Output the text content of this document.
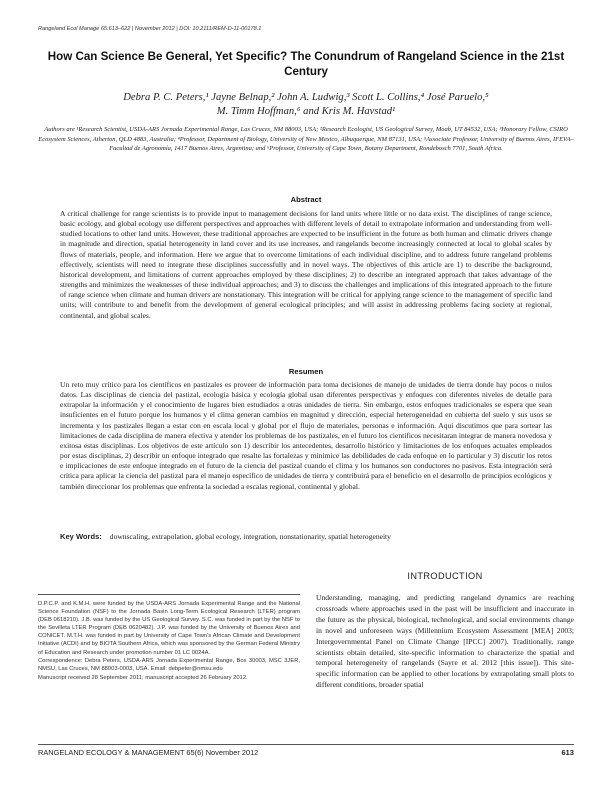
Rangeland Ecol Manage 65:613–622 | November 2012 | DOI: 10.2111/REM-D-11-00178.1
How Can Science Be General, Yet Specific? The Conundrum of Rangeland Science in the 21st Century
Debra P. C. Peters,¹ Jayne Belnap,² John A. Ludwig,³ Scott L. Collins,⁴ José Paruelo,⁵
M. Timm Hoffman,⁶ and Kris M. Havstad¹
Authors are ¹Research Scientist, USDA-ARS Jornada Experimental Range, Las Cruces, NM 88003, USA; ²Research Ecologist, US Geological Survey, Moab, UT 84532, USA; ³Honorary Fellow, CSIRO Ecosystem Sciences, Atherton, QLD 4883, Australia; ⁴Professor, Department of Biology, University of New Mexico, Albuquerque, NM 87131, USA; ⁵Associate Professor, University of Buenos Aires, IFEVA–Facultad de Agronomía, 1417 Buenos Aires, Argentina; and ⁶Professor, University of Cape Town, Botany Department, Rondebosch 7701, South Africa.
Abstract

A critical challenge for range scientists is to provide input to management decisions for land units where little or no data exist. The disciplines of range science, basic ecology, and global ecology use different perspectives and approaches with different levels of detail to extrapolate information and understanding from well-studied locations to other land units. However, these traditional approaches are expected to be insufficient in the future as both human and climatic drivers change in magnitude and direction, spatial heterogeneity in land cover and its use increases, and rangelands become increasingly connected at local to global scales by flows of materials, people, and information. Here we argue that to overcome limitations of each individual discipline, and to address future rangeland problems effectively, scientists will need to integrate these disciplines successfully and in novel ways. The objectives of this article are 1) to describe the background, historical development, and limitations of current approaches employed by these disciplines; 2) to describe an integrated approach that takes advantage of the strengths and minimizes the weaknesses of these individual approaches; and 3) to discuss the challenges and implications of this integrated approach to the future of range science when climate and human drivers are nonstationary. This integration will be critical for applying range science to the management of specific land units; will contribute to and benefit from the development of general ecological principles; and will assist in addressing problems facing society at regional, continental, and global scales.

Resumen

Un reto muy crítico para los científicos en pastizales es proveer de información para toma decisiones de manejo de unidades de tierra donde hay pocos o nulos datos. Las disciplinas de ciencia del pastizal, ecología básica y ecología global usan diferentes perspectivas y enfoques con diferentes niveles de detalle para extrapolar la información y el conocimiento de lugares bien estudiados a otras unidades de tierra. Sin embargo, estos enfoques tradicionales se espera que sean insuficientes en el futuro porque los humanos y el clima generan cambios en magnitud y dirección, especial heterogeneidad en cubierta del suelo y sus usos se incrementa y los pastizales llegan a estar con en escala local y global por el flujo de materiales, personas e información. Aquí discutimos que para sortear las limitaciones de cada disciplina de manera efectiva y atender los problemas de los pastizales, en el futuro los científicos necesitaran integrar de manera novedosa y exitosa estas disciplinas. Los objetivos de este artículo son 1) describir los antecedentes, desarrollo histórico y limitaciones de los enfoques actuales empleados por estas disciplinas, 2) describir un enfoque integrado que resalte las fortalezas y minimice las debilidades de cada enfoque en lo particular y 3) discutir los retos e implicaciones de este enfoque integrado en el futuro de la ciencia del pastizal cuando el clima y los humanos son conductores no pasivos. Esta integración será crítica para aplicar la ciencia del pastizal para el manejo específico de unidades de tierra y contribuirá para el beneficio en el desarrollo de principios ecológicos y también direccionar los problemas que enfrenta la sociedad a escalas regional, continental y global.

Key Words: downscaling, extrapolation, global ecology, integration, nonstationarity, spatial heterogeneity
INTRODUCTION

Understanding, managing, and predicting rangeland dynamics are reaching crossroads where approaches used in the past will be insufficient and inaccurate in the future as the physical, biological, technological, and social environments change in novel and unforeseen ways (Millennium Ecosystem Assessment [MEA] 2003; Intergovernmental Panel on Climate Change [IPCC] 2007). Traditionally, range scientists obtain detailed, site-specific information to characterize the spatial and temporal heterogeneity of rangelands (Sayre et al. 2012 [this issue]). This site-specific information can be applied to other locations by extrapolating small plots to different conditions, broader spatial

D.P.C.P. and K.M.H. were funded by the USDA-ARS Jornada Experimental Range and the National Science Foundation (NSF) to the Jornada Basin Long-Term Ecological Research (LTER) program (DEB 0618210). J.B. was funded by the US Geological Survey. S.C. was funded in part by the NSF to the Sevilleta LTER Program (DEB 0620482). J.P. was funded by the University of Buenos Aires and CONICET. M.T.H. was funded in part by University of Cape Town's African Climate and Development Initiative (ACDI) and by BIOTA Southern Africa, which was sponsored by the German Federal Ministry of Education and Research under promotion number 01 LC 0024A.

Correspondence: Debra Peters, USDA-ARS Jornada Experimental Range, Box 30003, MSC 3JER, NMSU, Las Cruces, NM 88003-0003, USA. Email: debpeter@nmsu.edu

Manuscript received 28 September 2011; manuscript accepted 26 February 2012.

RANGELAND ECOLOGY & MANAGEMENT 65(6) November 2012	613
